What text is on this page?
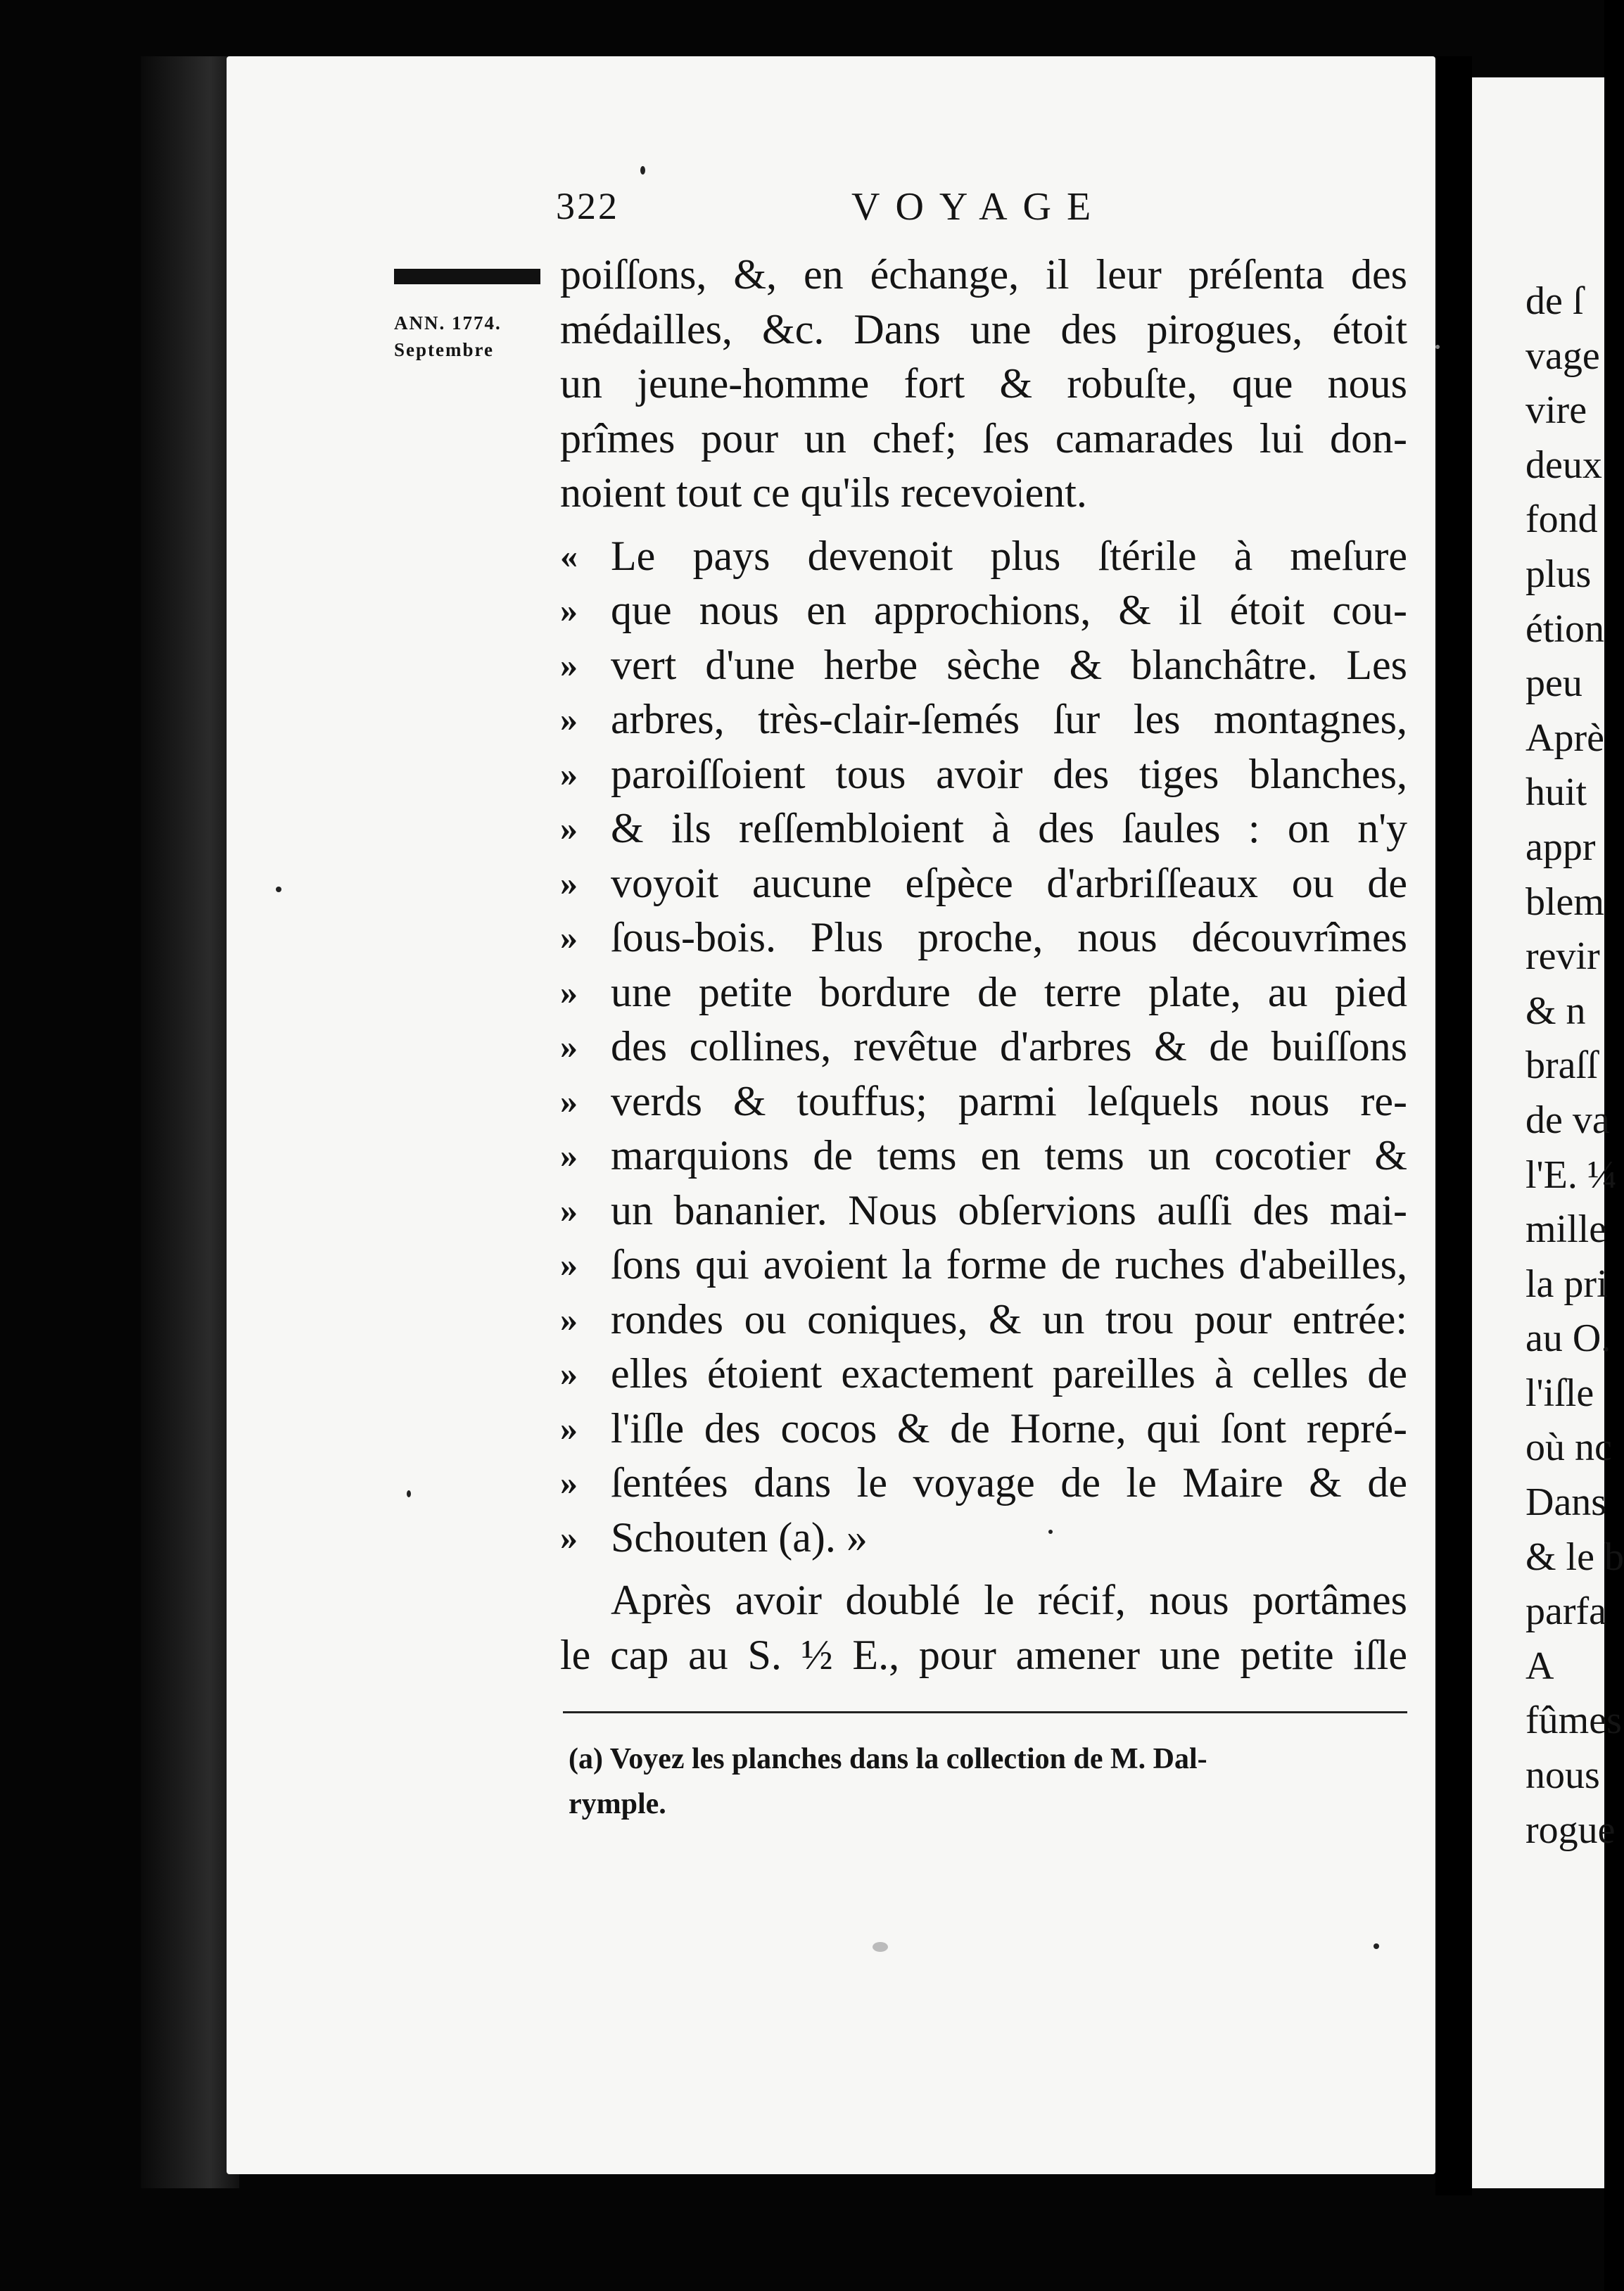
322	VOYAGE
ANN. 1774.
Septembre
poiſſons, &, en échange, il leur préſenta des
médailles, &c. Dans une des pirogues, étoit
un jeune-homme fort & robuſte, que nous
prîmes pour un chef; ſes camarades lui don-
noient tout ce qu'ils recevoient.
« Le pays devenoit plus ſtérile à meſure
» que nous en approchions, & il étoit cou-
» vert d'une herbe sèche & blanchâtre. Les
» arbres, très-clair-ſemés ſur les montagnes,
» paroiſſoient tous avoir des tiges blanches,
» & ils reſſembloient à des ſaules : on n'y
» voyoit aucune eſpèce d'arbriſſeaux ou de
» ſous-bois. Plus proche, nous découvrîmes
» une petite bordure de terre plate, au pied
» des collines, revêtue d'arbres & de buiſſons
» verds & touffus; parmi leſquels nous re-
» marquions de tems en tems un cocotier &
» un bananier. Nous obſervions auſſi des mai-
» ſons qui avoient la forme de ruches d'abeilles,
» rondes ou coniques, & un trou pour entrée:
» elles étoient exactement pareilles à celles de
» l'iſle des cocos & de Horne, qui ſont repré-
» ſentées dans le voyage de le Maire & de
» Schouten (a). »
Après avoir doublé le récif, nous portâmes
le cap au S. ½ E., pour amener une petite iſle
(a) Voyez les planches dans la collection de M. Dal-
rymple.
de ſ
vage
vire
deux
fond
plus
étion
peu
Aprè
huit
appr
blem
revir
& n
braſſ
de va
l'E. ¼
mille
la pri
au O.
l'iſle
où nc
Dans
& le b
parfa
A
fûmes
nous
rogue
